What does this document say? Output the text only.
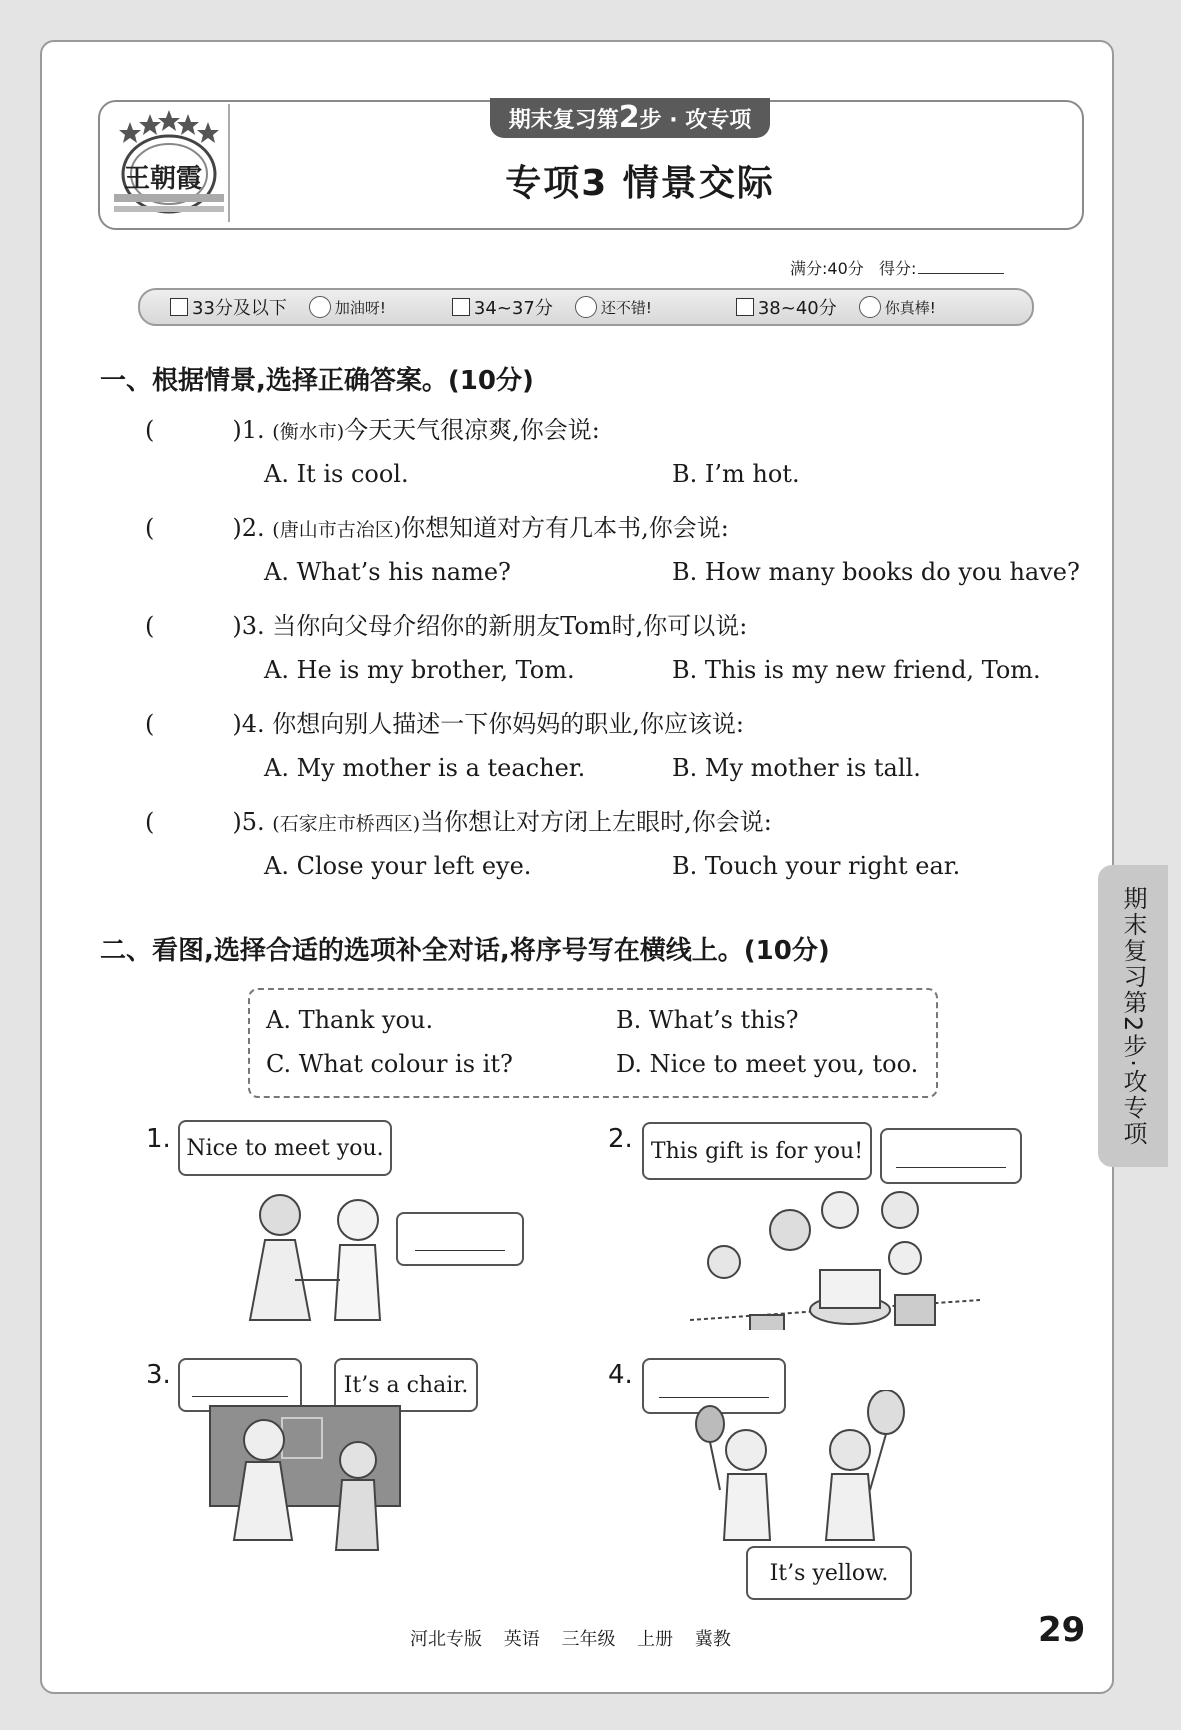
王朝霞
期末复习第2步 · 攻专项
专项3 情景交际
满分:40分 得分:
33分及以下	加油呀!	34~37分	还不错!	38~40分	你真棒!
一、根据情景,选择正确答案。(10分)
(	)1. (衡水市)今天天气很凉爽,你会说:
A. It is cool.	B. I’m hot.
(	)2. (唐山市古冶区)你想知道对方有几本书,你会说:
A. What’s his name?	B. How many books do you have?
(	)3. 当你向父母介绍你的新朋友Tom时,你可以说:
A. He is my brother, Tom.	B. This is my new friend, Tom.
(	)4. 你想向别人描述一下你妈妈的职业,你应该说:
A. My mother is a teacher.	B. My mother is tall.
(	)5. (石家庄市桥西区)当你想让对方闭上左眼时,你会说:
A. Close your left eye.	B. Touch your right ear.
二、看图,选择合适的选项补全对话,将序号写在横线上。(10分)
A. Thank you.	B. What’s this?
C. What colour is it?	D. Nice to meet you, too.
1. Nice to meet you.	2. This gift is for you!
3.	It’s a chair.	4.
It’s yellow.
期末复习第2步·攻专项
河北专版 英语 三年级 上册 冀教	29
